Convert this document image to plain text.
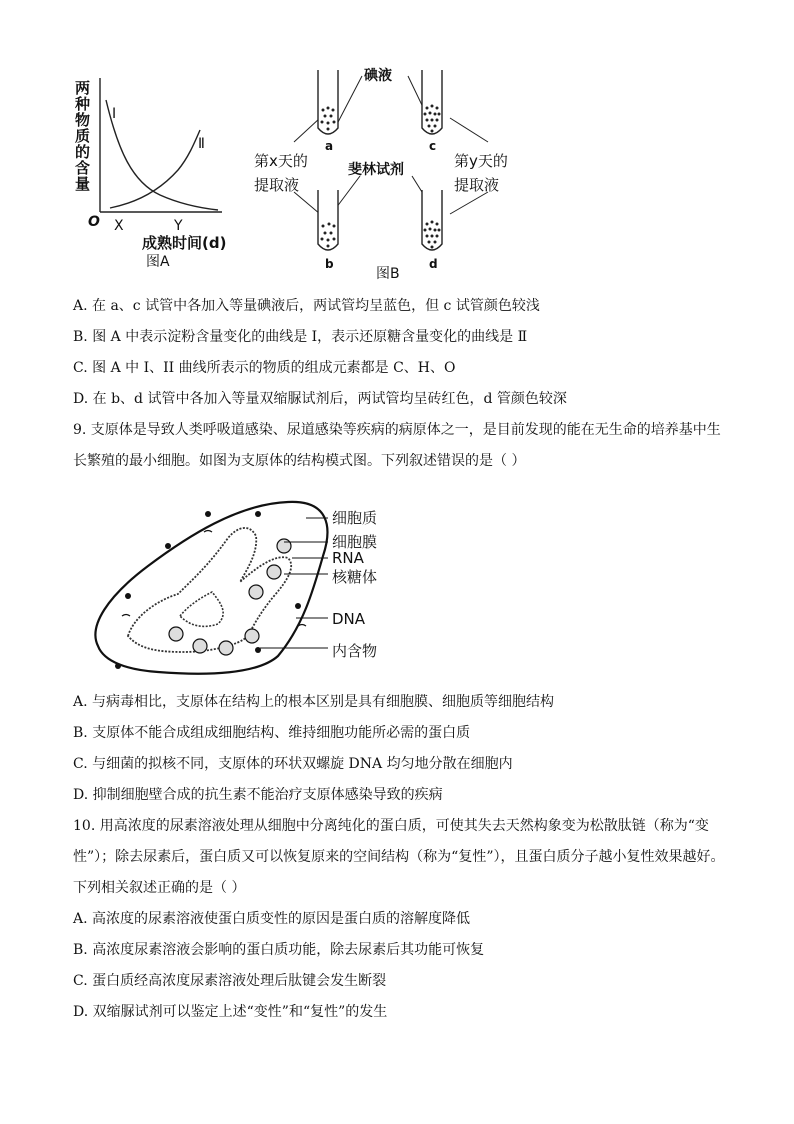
两种物质的含量 I
Ⅱ
O X	Y
成熟时间(d)
图A
碘液
斐林试剂
第x天的
提取液
第y天的
提取液
a	c
b	d
图B
A. 在 a、c 试管中各加入等量碘液后，两试管均呈蓝色，但 c 试管颜色较浅
B. 图 A 中表示淀粉含量变化的曲线是 I，表示还原糖含量变化的曲线是 Ⅱ
C. 图 A 中 I、II 曲线所表示的物质的组成元素都是 C、H、O
D. 在 b、d 试管中各加入等量双缩脲试剂后，两试管均呈砖红色，d 管颜色较深
9. 支原体是导致人类呼吸道感染、尿道感染等疾病的病原体之一，是目前发现的能在无生命的培养基中生
长繁殖的最小细胞。如图为支原体的结构模式图。下列叙述错误的是（ ）
细胞质
细胞膜
RNA
核糖体
DNA
内含物
A. 与病毒相比，支原体在结构上的根本区别是具有细胞膜、细胞质等细胞结构
B. 支原体不能合成组成细胞结构、维持细胞功能所必需的蛋白质
C. 与细菌的拟核不同，支原体的环状双螺旋 DNA 均匀地分散在细胞内
D. 抑制细胞壁合成的抗生素不能治疗支原体感染导致的疾病
10. 用高浓度的尿素溶液处理从细胞中分离纯化的蛋白质，可使其失去天然构象变为松散肽链（称为“变
性”）；除去尿素后，蛋白质又可以恢复原来的空间结构（称为“复性”），且蛋白质分子越小复性效果越好。
下列相关叙述正确的是（ ）
A. 高浓度的尿素溶液使蛋白质变性的原因是蛋白质的溶解度降低
B. 高浓度尿素溶液会影响的蛋白质功能，除去尿素后其功能可恢复
C. 蛋白质经高浓度尿素溶液处理后肽键会发生断裂
D. 双缩脲试剂可以鉴定上述“变性”和“复性”的发生
